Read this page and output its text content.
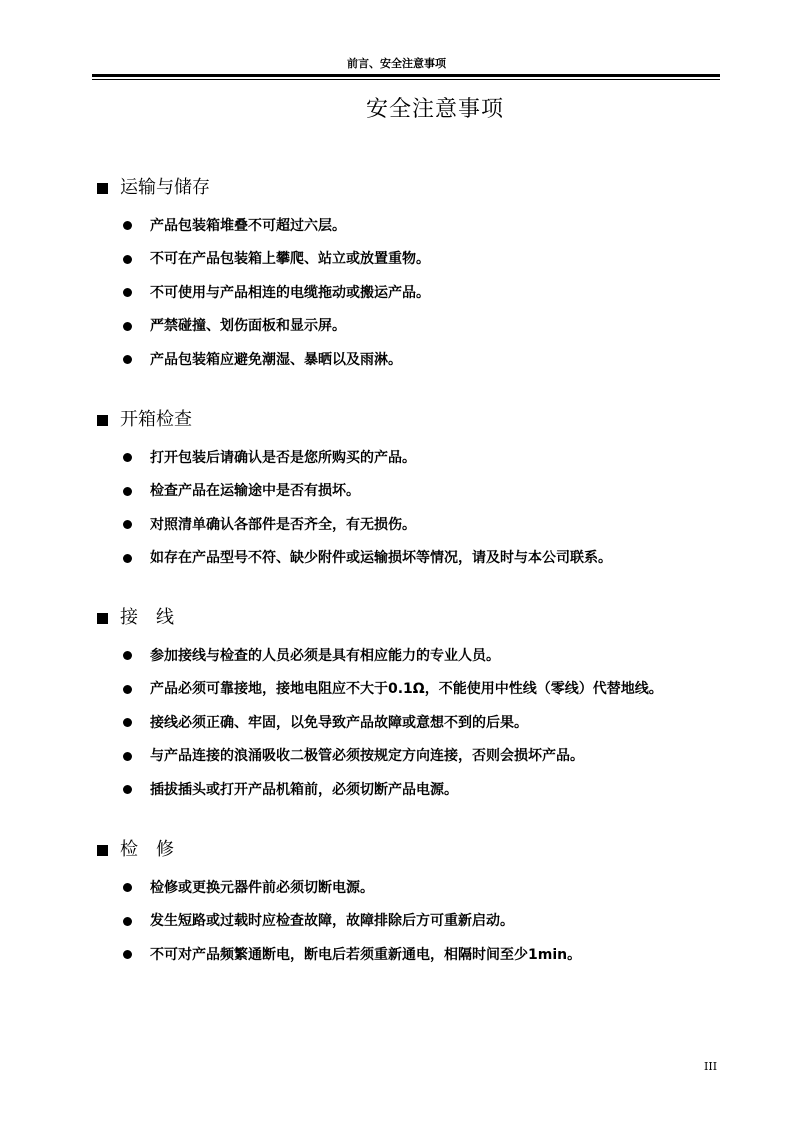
前言、安全注意事项
安全注意事项
运输与储存
产品包装箱堆叠不可超过六层。
不可在产品包装箱上攀爬、站立或放置重物。
不可使用与产品相连的电缆拖动或搬运产品。
严禁碰撞、划伤面板和显示屏。
产品包装箱应避免潮湿、暴晒以及雨淋。
开箱检查
打开包装后请确认是否是您所购买的产品。
检查产品在运输途中是否有损坏。
对照清单确认各部件是否齐全，有无损伤。
如存在产品型号不符、缺少附件或运输损坏等情况，请及时与本公司联系。
接　线
参加接线与检查的人员必须是具有相应能力的专业人员。
产品必须可靠接地，接地电阻应不大于0.1Ω，不能使用中性线（零线）代替地线。
接线必须正确、牢固，以免导致产品故障或意想不到的后果。
与产品连接的浪涌吸收二极管必须按规定方向连接，否则会损坏产品。
插拔插头或打开产品机箱前，必须切断产品电源。
检　修
检修或更换元器件前必须切断电源。
发生短路或过载时应检查故障，故障排除后方可重新启动。
不可对产品频繁通断电，断电后若须重新通电，相隔时间至少1min。
III
